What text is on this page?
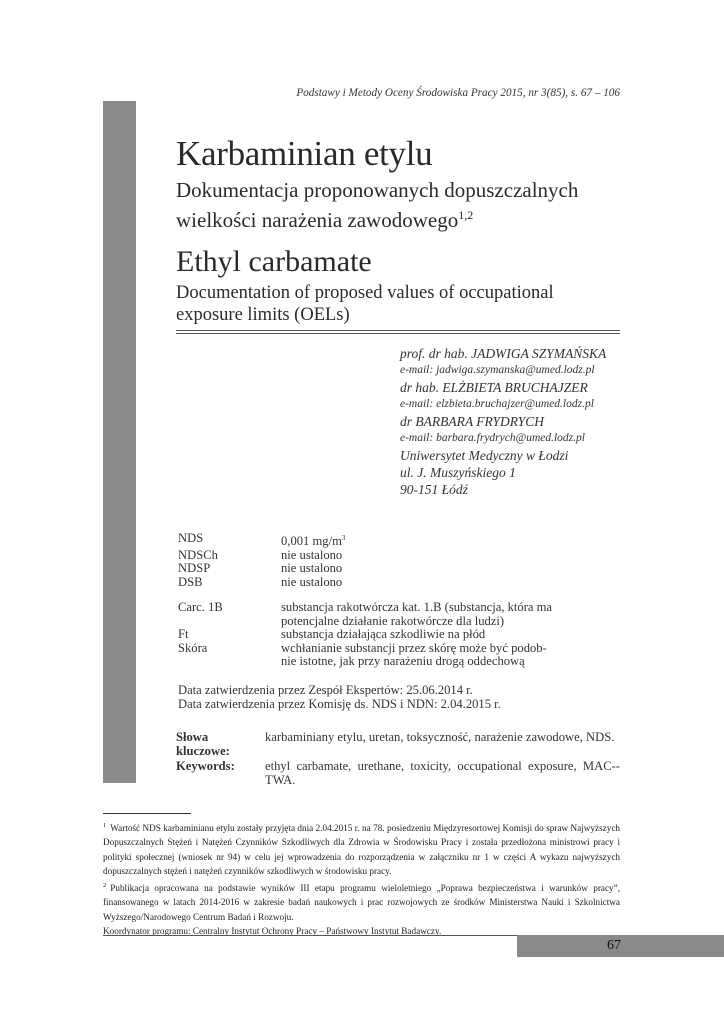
Podstawy i Metody Oceny Środowiska Pracy 2015, nr 3(85), s. 67 – 106
Karbaminian etylu
Dokumentacja proponowanych dopuszczalnych
wielkości narażenia zawodowego$^{1,2}$
Ethyl carbamate
Documentation of proposed values of occupational
exposure limits (OELs)
prof. dr hab. JADWIGA SZYMAŃSKA
e-mail: jadwiga.szymanska@umed.lodz.pl
dr hab. ELŻBIETA BRUCHAJZER
e-mail: elzbieta.bruchajzer@umed.lodz.pl
dr BARBARA FRYDRYCH
e-mail: barbara.frydrych@umed.lodz.pl
Uniwersytet Medyczny w Łodzi
ul. J. Muszyńskiego 1
90-151 Łódź
NDS	0,001 $mg/m^3$
NDSCh	nie ustalono
NDSP	nie ustalono
DSB	nie ustalono
Carc. 1B	substancja rakotwórcza kat. 1.B (substancja, która ma
potencjalne działanie rakotwórcze dla ludzi)
Ft	substancja działająca szkodliwie na płód
Skóra	wchłanianie substancji przez skórę może być podob-
nie istotne, jak przy narażeniu drogą oddechową
Data zatwierdzenia przez Zespół Ekspertów: 25.06.2014 r.
Data zatwierdzenia przez Komisję ds. NDS i NDN: 2.04.2015 r.
Słowa kluczowe:
karbaminiany etylu, uretan, toksyczność, narażenie zawodowe, NDS.
Keywords:	ethyl carbamate, urethane, toxicity, occupational exposure, MAC--TWA.

$^1$ Wartość NDS karbaminianu etylu zostały przyjęta dnia 2.04.2015 r. na 78. posiedzeniu Międzyresortowej Komisji do spraw Najwyższych Dopuszczalnych Stężeń i Natężeń Czynników Szkodliwych dla Zdrowia w Środowisku Pracy i została przedłożona ministrowi pracy i polityki społecznej (wniosek nr 94) w celu jej wprowadzenia do rozporządzenia w załączniku nr 1 w części A wykazu najwyższych dopuszczalnych stężeń i natężeń czynników szkodliwych w środowisku pracy.

$^2$ Publikacja opracowana na podstawie wyników III etapu programu wieloletniego „Poprawa bezpieczeństwa i warunków pracy”, finansowanego w latach 2014-2016 w zakresie badań naukowych i prac rozwojowych ze środków Ministerstwa Nauki i Szkolnictwa Wyższego/Narodowego Centrum Badań i Rozwoju.

Koordynator programu: Centralny Instytut Ochrony Pracy – Państwowy Instytut Badawczy.

67
